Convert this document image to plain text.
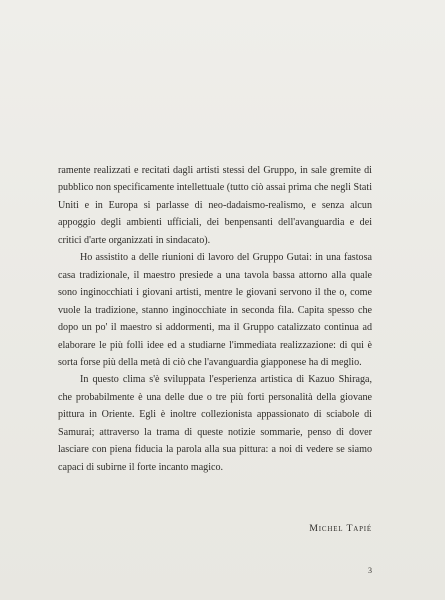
ramente realizzati e recitati dagli artisti stessi del Gruppo, in sale gremite di pubblico non specificamente intellettuale (tutto ciò assai prima che negli Stati Uniti e in Europa si parlasse di neo-dadaismo-realismo, e senza alcun appoggio degli ambienti ufficiali, dei benpensanti dell'avanguardia e dei critici d'arte organizzati in sindacato).

Ho assistito a delle riunioni di lavoro del Gruppo Gutai: in una fastosa casa tradizionale, il maestro presiede a una tavola bassa attorno alla quale sono inginocchiati i giovani artisti, mentre le giovani servono il the o, come vuole la tradizione, stanno inginocchiate in seconda fila. Capita spesso che dopo un po' il maestro si addormenti, ma il Gruppo catalizzato continua ad elaborare le più folli idee ed a studiarne l'immediata realizzazione: di qui è sorta forse più della metà di ciò che l'avanguardia giapponese ha di meglio.

In questo clima s'è sviluppata l'esperienza artistica di Kazuo Shiraga, che probabilmente è una delle due o tre più forti personalità della giovane pittura in Oriente. Egli è inoltre collezionista appassionato di sciabole di Samurai; attraverso la trama di queste notizie sommarie, penso di dover lasciare con piena fiducia la parola alla sua pittura: a noi di vedere se siamo capaci di subirne il forte incanto magico.

Michel Tapié
3
